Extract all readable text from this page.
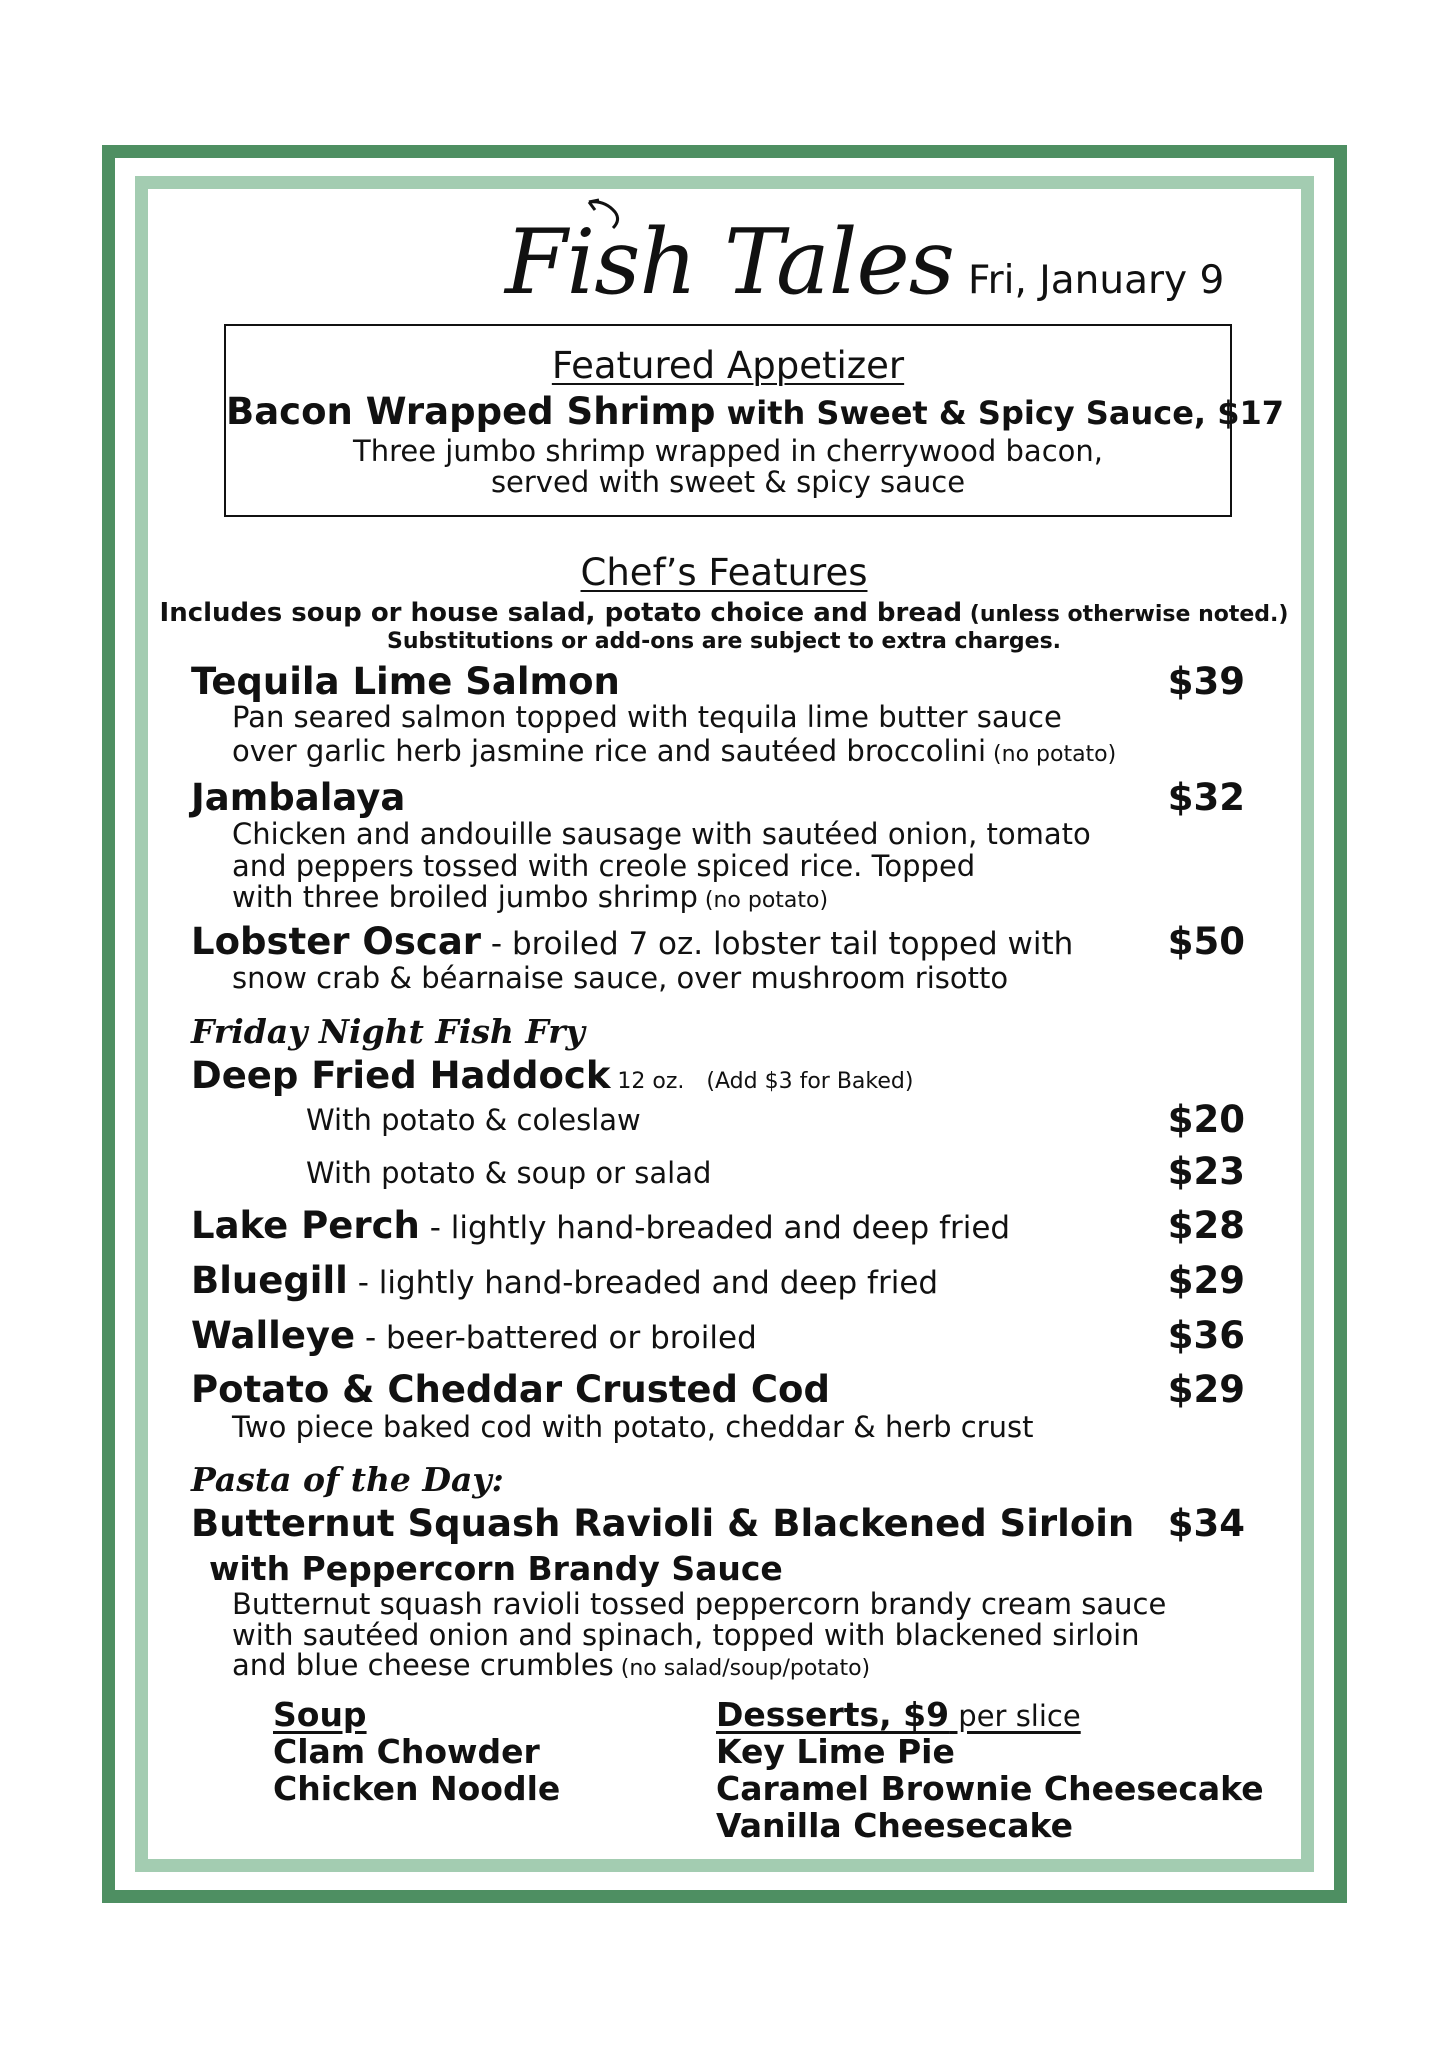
Fish Tales Fri, January 9
Featured Appetizer
Bacon Wrapped Shrimp with Sweet & Spicy Sauce, $17
Three jumbo shrimp wrapped in cherrywood bacon,
served with sweet & spicy sauce
Chef’s Features
Includes soup or house salad, potato choice and bread (unless otherwise noted.)
Substitutions or add-ons are subject to extra charges.
Tequila Lime Salmon	$39
Pan seared salmon topped with tequila lime butter sauce
over garlic herb jasmine rice and sautéed broccolini (no potato)
Jambalaya	$32
Chicken and andouille sausage with sautéed onion, tomato
and peppers tossed with creole spiced rice. Topped
with three broiled jumbo shrimp (no potato)
Lobster Oscar - broiled 7 oz. lobster tail topped with	$50
snow crab & béarnaise sauce, over mushroom risotto
Friday Night Fish Fry
Deep Fried Haddock 12 oz. (Add $3 for Baked)
With potato & coleslaw	$20
With potato & soup or salad	$23
Lake Perch - lightly hand-breaded and deep fried	$28
Bluegill - lightly hand-breaded and deep fried	$29
Walleye - beer-battered or broiled	$36
Potato & Cheddar Crusted Cod	$29
Two piece baked cod with potato, cheddar & herb crust
Pasta of the Day:
Butternut Squash Ravioli & Blackened Sirloin $34
with Peppercorn Brandy Sauce
Butternut squash ravioli tossed peppercorn brandy cream sauce
with sautéed onion and spinach, topped with blackened sirloin
and blue cheese crumbles (no salad/soup/potato)
Soup
Clam Chowder
Chicken Noodle
Desserts, $9 per slice
Key Lime Pie
Caramel Brownie Cheesecake
Vanilla Cheesecake
